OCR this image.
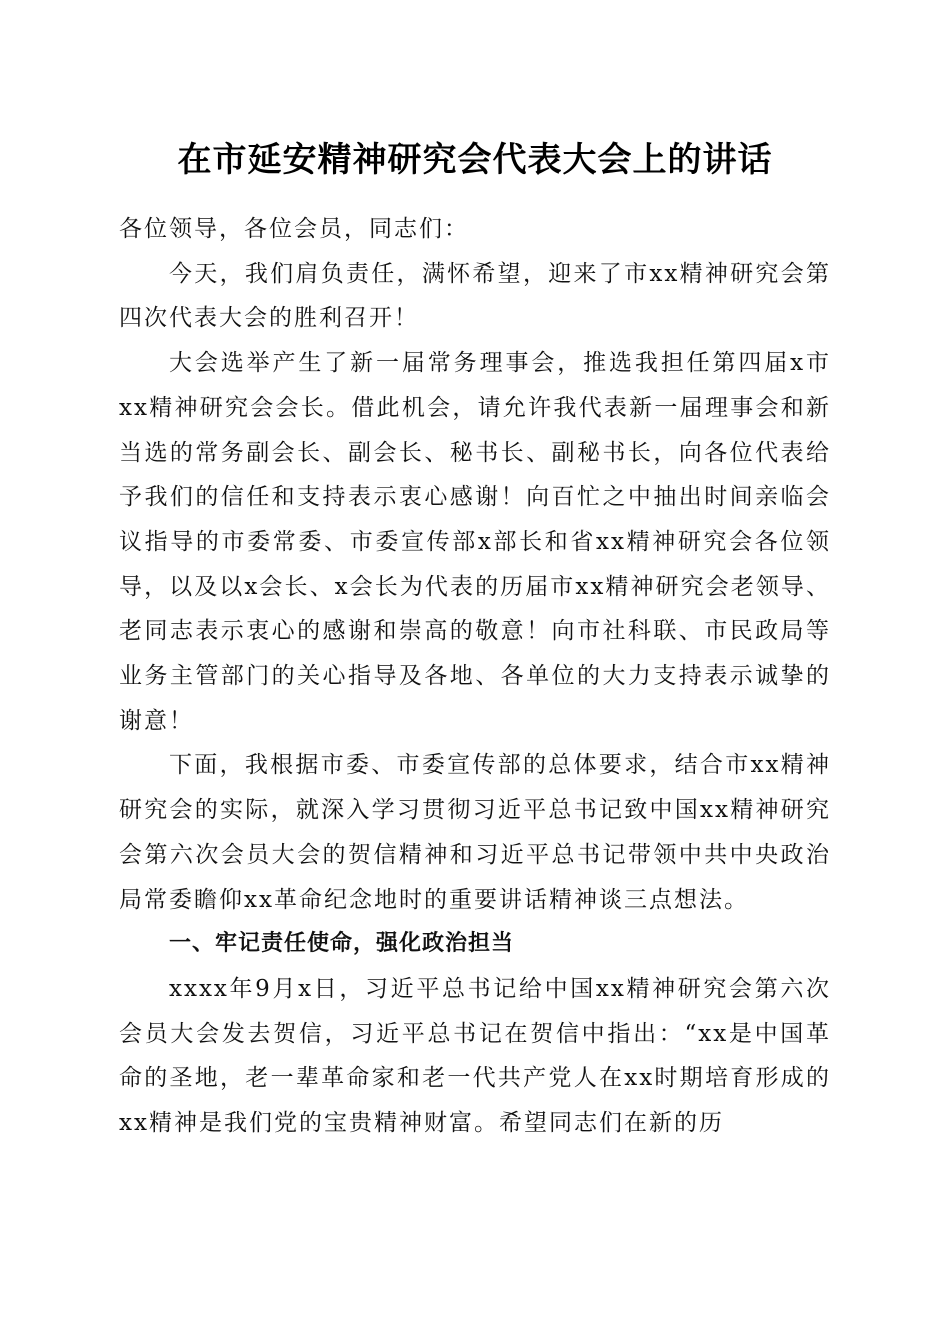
在市延安精神研究会代表大会上的讲话

各位领导，各位会员，同志们：

今天，我们肩负责任，满怀希望，迎来了市xx精神研究会第四次代表大会的胜利召开！

大会选举产生了新一届常务理事会，推选我担任第四届x市xx精神研究会会长。借此机会，请允许我代表新一届理事会和新当选的常务副会长、副会长、秘书长、副秘书长，向各位代表给予我们的信任和支持表示衷心感谢！向百忙之中抽出时间亲临会议指导的市委常委、市委宣传部x部长和省xx精神研究会各位领导，以及以x会长、x会长为代表的历届市xx精神研究会老领导、老同志表示衷心的感谢和崇高的敬意！向市社科联、市民政局等业务主管部门的关心指导及各地、各单位的大力支持表示诚挚的谢意！

下面，我根据市委、市委宣传部的总体要求，结合市xx精神研究会的实际，就深入学习贯彻习近平总书记致中国xx精神研究会第六次会员大会的贺信精神和习近平总书记带领中共中央政治局常委瞻仰xx革命纪念地时的重要讲话精神谈三点想法。

一、牢记责任使命，强化政治担当

xxxx年9月x日，习近平总书记给中国xx精神研究会第六次会员大会发去贺信，习近平总书记在贺信中指出：“xx是中国革命的圣地，老一辈革命家和老一代共产党人在xx时期培育形成的xx精神是我们党的宝贵精神财富。希望同志们在新的历
